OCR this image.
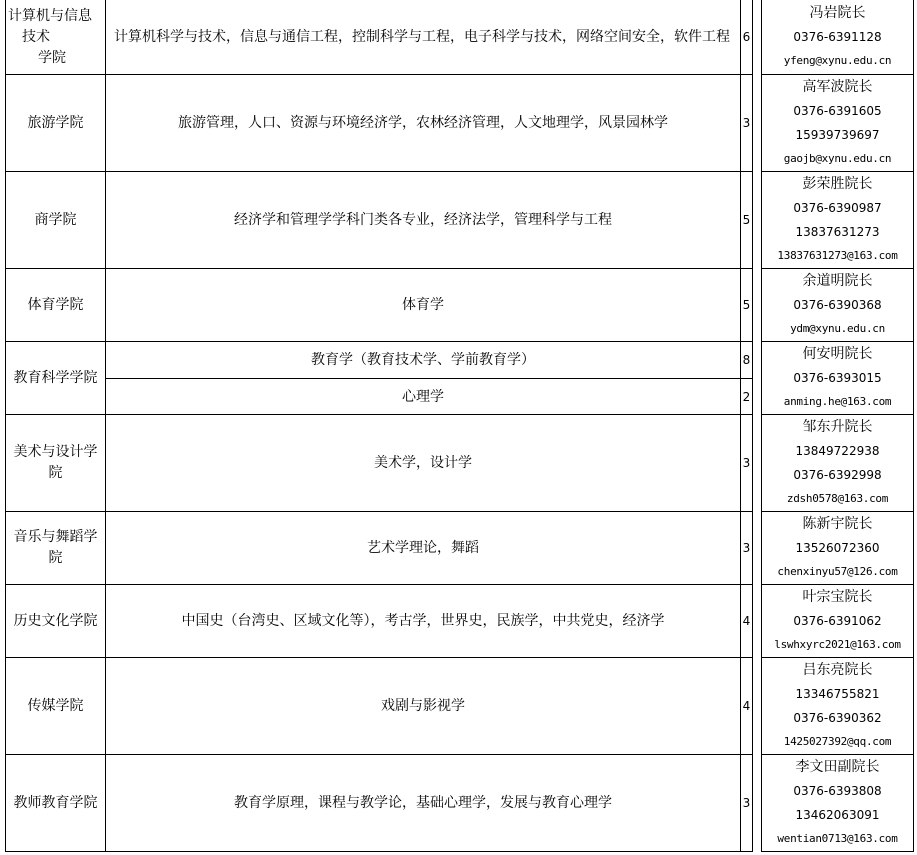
计算机与信息
技术
学院	计算机科学与技术，信息与通信工程，控制科学与工程，电子科学与技术，网络空间安全，软件工程	6		冯岩院长
0376-6391128
yfeng@xynu.edu.cn

旅游学院	旅游管理，人口、资源与环境经济学，农林经济管理，人文地理学，风景园林学	3		高军波院长
0376-6391605
15939739697
gaojb@xynu.edu.cn

商学院	经济学和管理学学科门类各专业，经济法学，管理科学与工程	5		彭荣胜院长
0376-6390987
13837631273
13837631273@163.com

体育学院	体育学	5		余道明院长
0376-6390368
ydm@xynu.edu.cn

教育科学学院	教育学（教育技术学、学前教育学）	8		何安明院长
0376-6393015
anming.he@163.com

	心理学	2		

美术与设计学
院	美术学，设计学	3		邹东升院长
13849722938
0376-6392998
zdsh0578@163.com

音乐与舞蹈学
院	艺术学理论，舞蹈	3		陈新宇院长
13526072360
chenxinyu57@126.com

历史文化学院	中国史（台湾史、区域文化等），考古学，世界史，民族学，中共党史，经济学	4		叶宗宝院长
0376-6391062
lswhxyrc2021@163.com

传媒学院	戏剧与影视学	4		吕东亮院长
13346755821
0376-6390362
1425027392@qq.com

教师教育学院	教育学原理，课程与教学论，基础心理学，发展与教育心理学	3		李文田副院长
0376-6393808
13462063091
wentian0713@163.com
